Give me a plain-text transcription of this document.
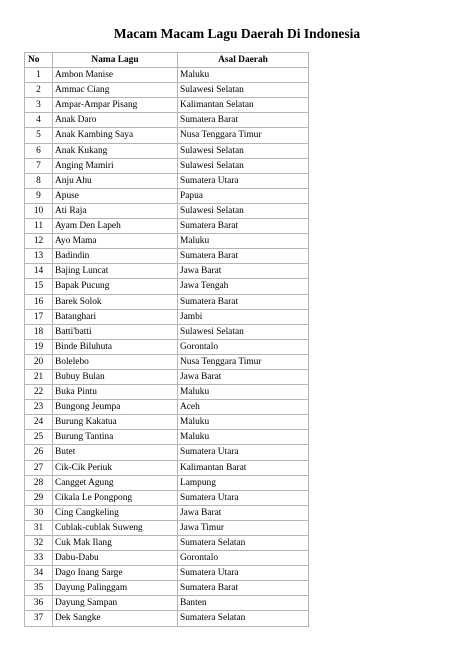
Macam Macam Lagu Daerah Di Indonesia
No	Nama Lagu	Asal Daerah
1	Ambon Manise	Maluku
2	Ammac Ciang	Sulawesi Selatan
3	Ampar-Ampar Pisang	Kalimantan Selatan
4	Anak Daro	Sumatera Barat
5	Anak Kambing Saya	Nusa Tenggara Timur
6	Anak Kukang	Sulawesi Selatan
7	Anging Mamiri	Sulawesi Selatan
8	Anju Ahu	Sumatera Utara
9	Apuse	Papua
10	Ati Raja	Sulawesi Selatan
11	Ayam Den Lapeh	Sumatera Barat
12	Ayo Mama	Maluku
13	Badindin	Sumatera Barat
14	Bajing Luncat	Jawa Barat
15	Bapak Pucung	Jawa Tengah
16	Barek Solok	Sumatera Barat
17	Batanghari	Jambi
18	Batti'batti	Sulawesi Selatan
19	Binde Biluhuta	Gorontalo
20	Bolelebo	Nusa Tenggara Timur
21	Bubuy Bulan	Jawa Barat
22	Buka Pintu	Maluku
23	Bungong Jeumpa	Aceh
24	Burung Kakatua	Maluku
25	Burung Tantina	Maluku
26	Butet	Sumatera Utara
27	Cik-Cik Periuk	Kalimantan Barat
28	Cangget Agung	Lampung
29	Cikala Le Pongpong	Sumatera Utara
30	Cing Cangkeling	Jawa Barat
31	Cublak-cublak Suweng	Jawa Timur
32	Cuk Mak Ilang	Sumatera Selatan
33	Dabu-Dabu	Gorontalo
34	Dago Inang Sarge	Sumatera Utara
35	Dayung Palinggam	Sumatera Barat
36	Dayung Sampan	Banten
37	Dek Sangke	Sumatera Selatan
